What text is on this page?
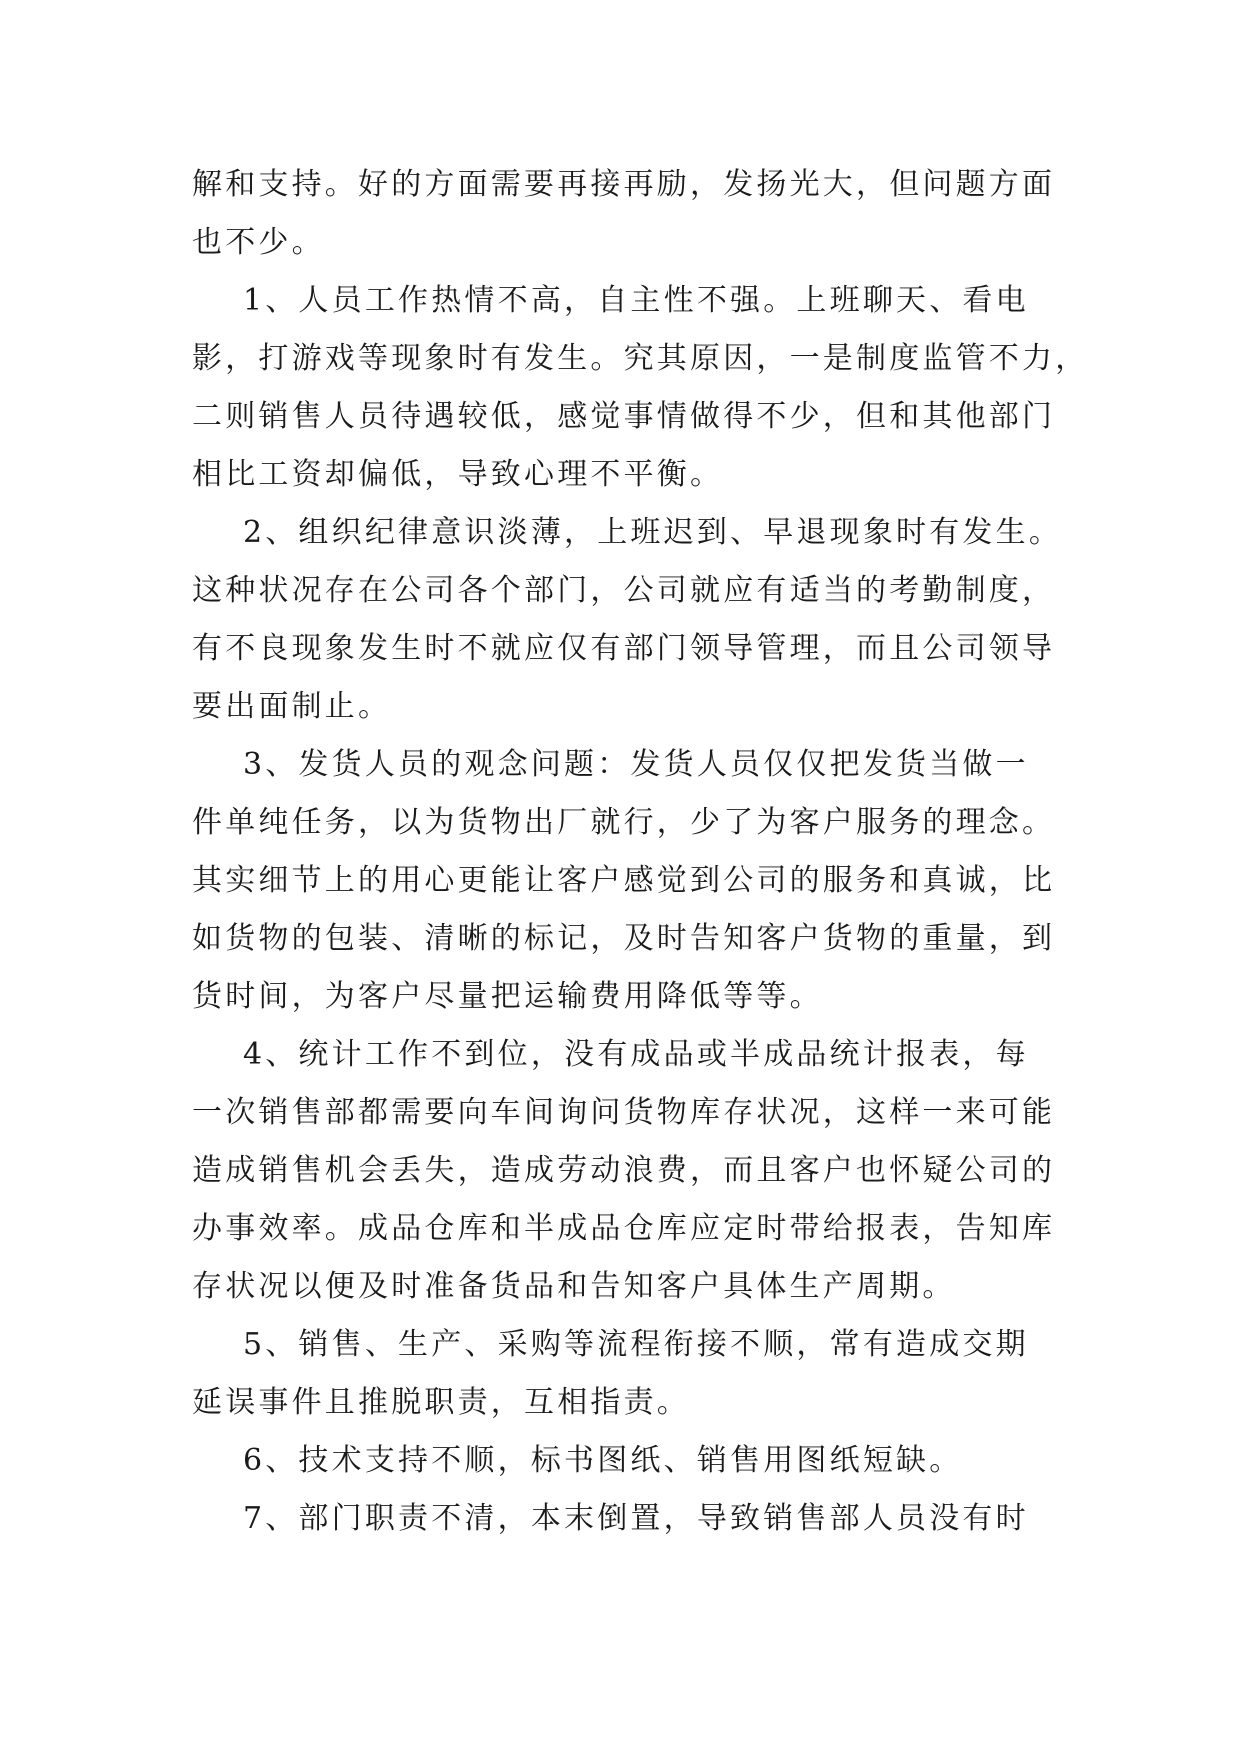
解和支持。好的方面需要再接再励，发扬光大，但问题方面
也不少。
1、人员工作热情不高，自主性不强。上班聊天、看电
影，打游戏等现象时有发生。究其原因，一是制度监管不力，
二则销售人员待遇较低，感觉事情做得不少，但和其他部门
相比工资却偏低，导致心理不平衡。
2、组织纪律意识淡薄，上班迟到、早退现象时有发生。
这种状况存在公司各个部门，公司就应有适当的考勤制度，
有不良现象发生时不就应仅有部门领导管理，而且公司领导
要出面制止。
3、发货人员的观念问题：发货人员仅仅把发货当做一
件单纯任务，以为货物出厂就行，少了为客户服务的理念。
其实细节上的用心更能让客户感觉到公司的服务和真诚，比
如货物的包装、清晰的标记，及时告知客户货物的重量，到
货时间，为客户尽量把运输费用降低等等。
4、统计工作不到位，没有成品或半成品统计报表，每
一次销售部都需要向车间询问货物库存状况，这样一来可能
造成销售机会丢失，造成劳动浪费，而且客户也怀疑公司的
办事效率。成品仓库和半成品仓库应定时带给报表，告知库
存状况以便及时准备货品和告知客户具体生产周期。
5、销售、生产、采购等流程衔接不顺，常有造成交期
延误事件且推脱职责，互相指责。
6、技术支持不顺，标书图纸、销售用图纸短缺。
7、部门职责不清，本末倒置，导致销售部人员没有时
